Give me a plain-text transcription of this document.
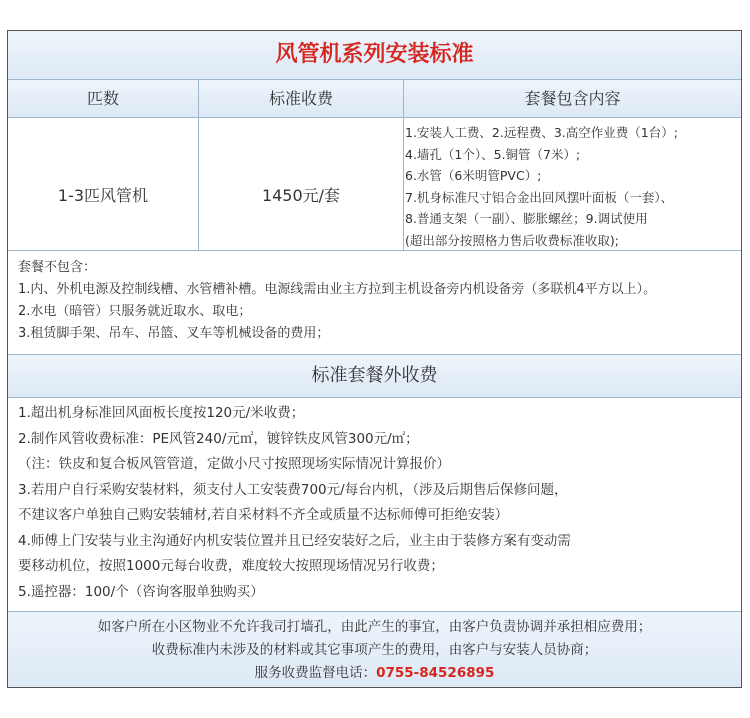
风管机系列安装标准
匹数	标准收费	套餐包含内容
1-3匹风管机	1450元/套
1.安装人工费、2.远程费、3.高空作业费（1台）;
4.墙孔（1个）、5.铜管（7米）;
6.水管（6米明管PVC）;
7.机身标准尺寸铝合金出回风摆叶面板（一套）、
8.普通支架（一副）、膨胀螺丝；9.调试使用
(超出部分按照格力售后收费标准收取);
套餐不包含：
1.内、外机电源及控制线槽、水管槽补槽。电源线需由业主方拉到主机设备旁内机设备旁（多联机4平方以上）。
2.水电（暗管）只服务就近取水、取电；
3.租赁脚手架、吊车、吊篮、叉车等机械设备的费用；
标准套餐外收费
1.超出机身标准回风面板长度按120元/米收费；
2.制作风管收费标准：PE风管240/元㎡，镀锌铁皮风管300元/㎡；
（注：铁皮和复合板风管管道，定做小尺寸按照现场实际情况计算报价）
3.若用户自行采购安装材料，须支付人工安装费700元/每台内机，（涉及后期售后保修问题，
不建议客户单独自己购安装辅材,若自采材料不齐全或质量不达标师傅可拒绝安装）
4.师傅上门安装与业主沟通好内机安装位置并且已经安装好之后，业主由于装修方案有变动需
要移动机位，按照1000元每台收费，难度较大按照现场情况另行收费；
5.遥控器：100/个（咨询客服单独购买）
如客户所在小区物业不允许我司打墙孔，由此产生的事宜，由客户负责协调并承担相应费用；
收费标准内未涉及的材料或其它事项产生的费用，由客户与安装人员协商；
服务收费监督电话：0755-84526895
